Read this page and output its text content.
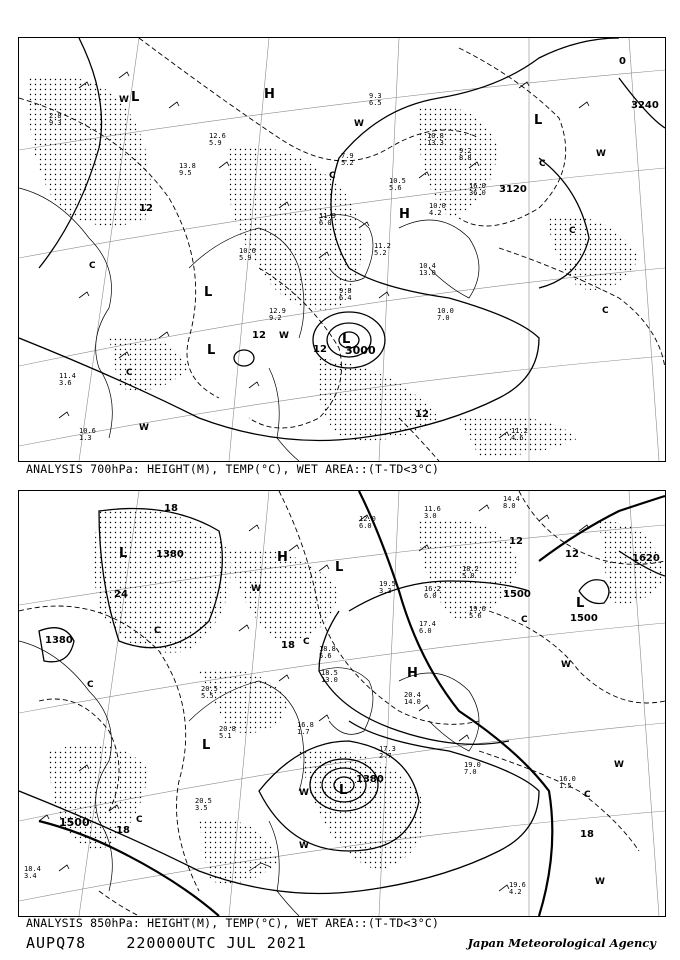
2.8
9.3
12.6
5.9
13.8
9.5
11.4
3.6
9.3
6.5
10.6
5.9
10.8
13.3
11.2
5.2
9.8
6.4
10.5
5.6
10.0
7.0
11.2
4.6
12.9
9.2
7.9
5.2
11.9
6.0
10.0
4.2
9.2
8.8
10.6
1.3
10.4
13.0
16.0
36.0
L	H
H
L
L
L
L
W
W
W
W
W
C
C
C
C
C
C
3000
3120
3240
0
12
12
12
12
ANALYSIS 700hPa: HEIGHT(M), TEMP(°C), WET AREA::(T-TD<3°C)
14.4
8.0
11.6
3.0
12.0
6.0
16.2
6.0
18.2
5.0
19.6
5.6
17.4
6.0
20.4
14.0
20.5
3.5
19.0
7.0
16.0
1.5
19.6
4.2
18.4
3.4
17.3
2.7
20.8
5.1
18.5
13.0
18.8
5.6
16.8
1.7
19.5
3.3
20.5
5.5
L	H
L
H
L
L
L
W
W
W
W
W
W
C
C
C
C
C
C
1380
1380
1380
1500
1500
1500
1620
12
12
18
18
18	18
24
ANALYSIS 850hPa: HEIGHT(M), TEMP(°C), WET AREA::(T-TD<3°C)
AUPQ78	220000UTC JUL 2021	Japan Meteorological Agency
